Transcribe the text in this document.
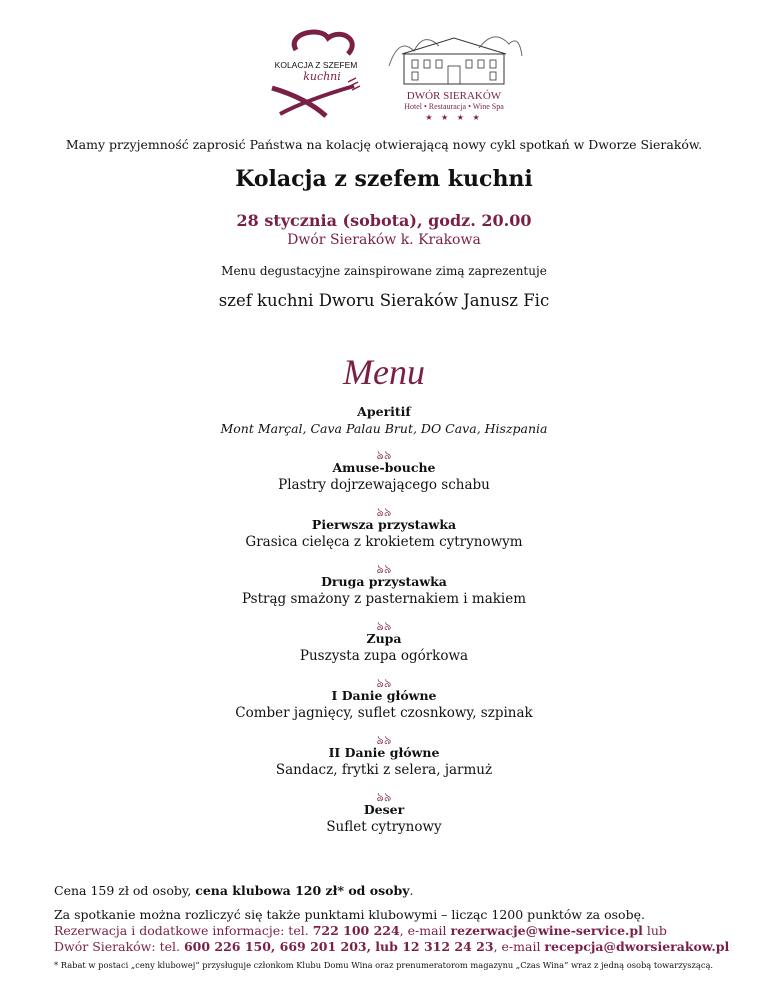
KOLACJA Z SZEFEM
kuchni
DWÓR SIERAKÓW
Hotel • Restauracja • Wine Spa
★ ★ ★ ★
Mamy przyjemność zaprosić Państwa na kolację otwierającą nowy cykl spotkań w Dworze Sieraków.
Kolacja z szefem kuchni
28 stycznia (sobota), godz. 20.00
Dwór Sieraków k. Krakowa
Menu degustacyjne zainspirowane zimą zaprezentuje
szef kuchni Dworu Sieraków Janusz Fic
Menu
Aperitif
Mont Marçal, Cava Palau Brut, DO Cava, Hiszpania
ঌ৯
Amuse-bouche
Plastry dojrzewającego schabu
ঌ৯
Pierwsza przystawka
Grasica cielęca z krokietem cytrynowym
ঌ৯
Druga przystawka
Pstrąg smażony z pasternakiem i makiem
ঌ৯
Zupa
Puszysta zupa ogórkowa
ঌ৯
I Danie główne
Comber jagnięcy, suflet czosnkowy, szpinak
ঌ৯
II Danie główne
Sandacz, frytki z selera, jarmuż
ঌ৯
Deser
Suflet cytrynowy
Cena 159 zł od osoby, cena klubowa 120 zł* od osoby.
Za spotkanie można rozliczyć się także punktami klubowymi – licząc 1200 punktów za osobę.
Rezerwacja i dodatkowe informacje: tel. 722 100 224, e-mail rezerwacje@wine-service.pl lub
Dwór Sieraków: tel. 600 226 150, 669 201 203, lub 12 312 24 23, e-mail recepcja@dworsierakow.pl
* Rabat w postaci „ceny klubowej” przysługuje członkom Klubu Domu Wina oraz prenumeratorom magazynu „Czas Wina” wraz z jedną osobą towarzyszącą.
